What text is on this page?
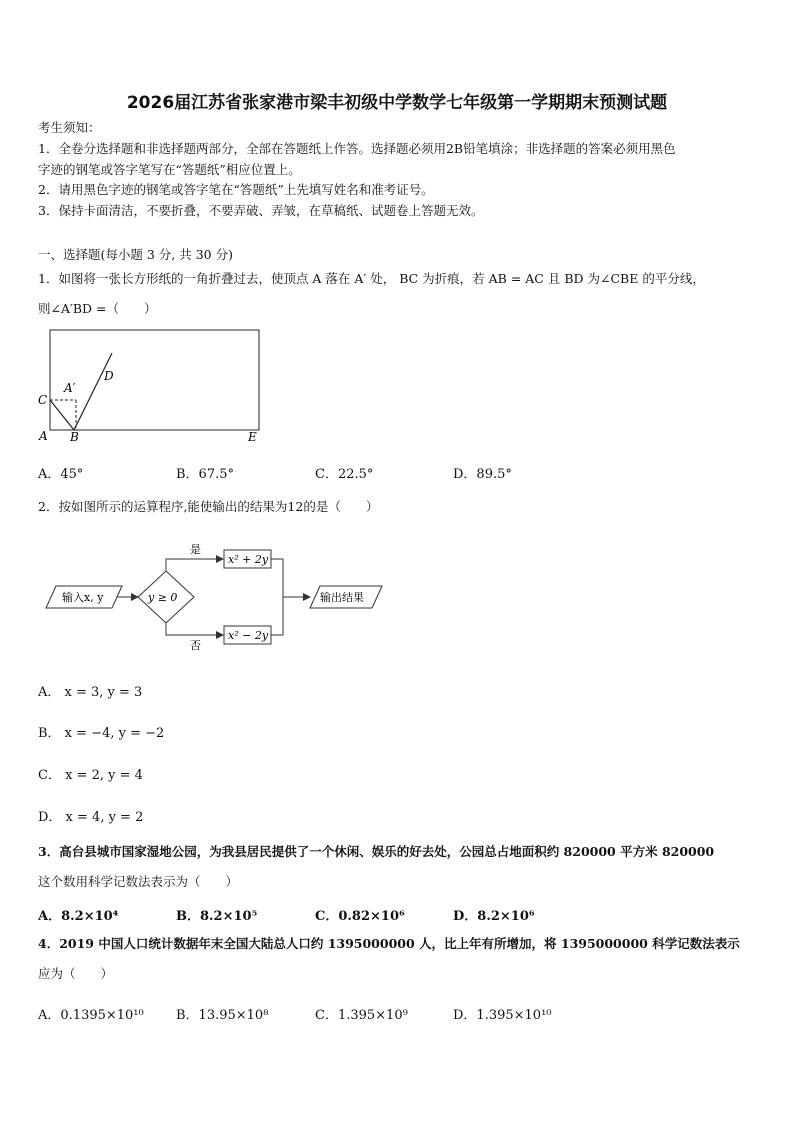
2026届江苏省张家港市梁丰初级中学数学七年级第一学期期末预测试题
考生须知：
1．全卷分选择题和非选择题两部分，全部在答题纸上作答。选择题必须用2B铅笔填涂；非选择题的答案必须用黑色
字迹的钢笔或答字笔写在“答题纸”相应位置上。
2．请用黑色字迹的钢笔或答字笔在“答题纸”上先填写姓名和准考证号。
3．保持卡面清洁，不要折叠，不要弄破、弄皱，在草稿纸、试题卷上答题无效。
一、选择题(每小题 3 分, 共 30 分)
1．如图将一张长方形纸的一角折叠过去，使顶点 A 落在 A′ 处， BC 为折痕，若 AB = AC 且 BD 为∠CBE 的平分线，
则∠A′BD =（　　）
C
A B
A′
D
E
A．45°	B．67.5°	C．22.5°	D．89.5°
2．按如图所示的运算程序,能使输出的结果为12的是（　　）
输入x, y	y ≥ 0
是
x² + 2y
否
x² − 2y
输出结果
A． x = 3, y = 3
B． x = −4, y = −2
C． x = 2, y = 4
D． x = 4, y = 2
3．高台县城市国家湿地公园，为我县居民提供了一个休闲、娱乐的好去处，公园总占地面积约 820000 平方米 820000
这个数用科学记数法表示为（　　）
A．8.2×10⁴	B．8.2×10⁵	C．0.82×10⁶	D．8.2×10⁶
4．2019 中国人口统计数据年末全国大陆总人口约 1395000000 人，比上年有所增加，将 1395000000 科学记数法表示
应为（　　）
A．0.1395×10¹⁰ B．13.95×10⁸	C．1.395×10⁹	D．1.395×10¹⁰
